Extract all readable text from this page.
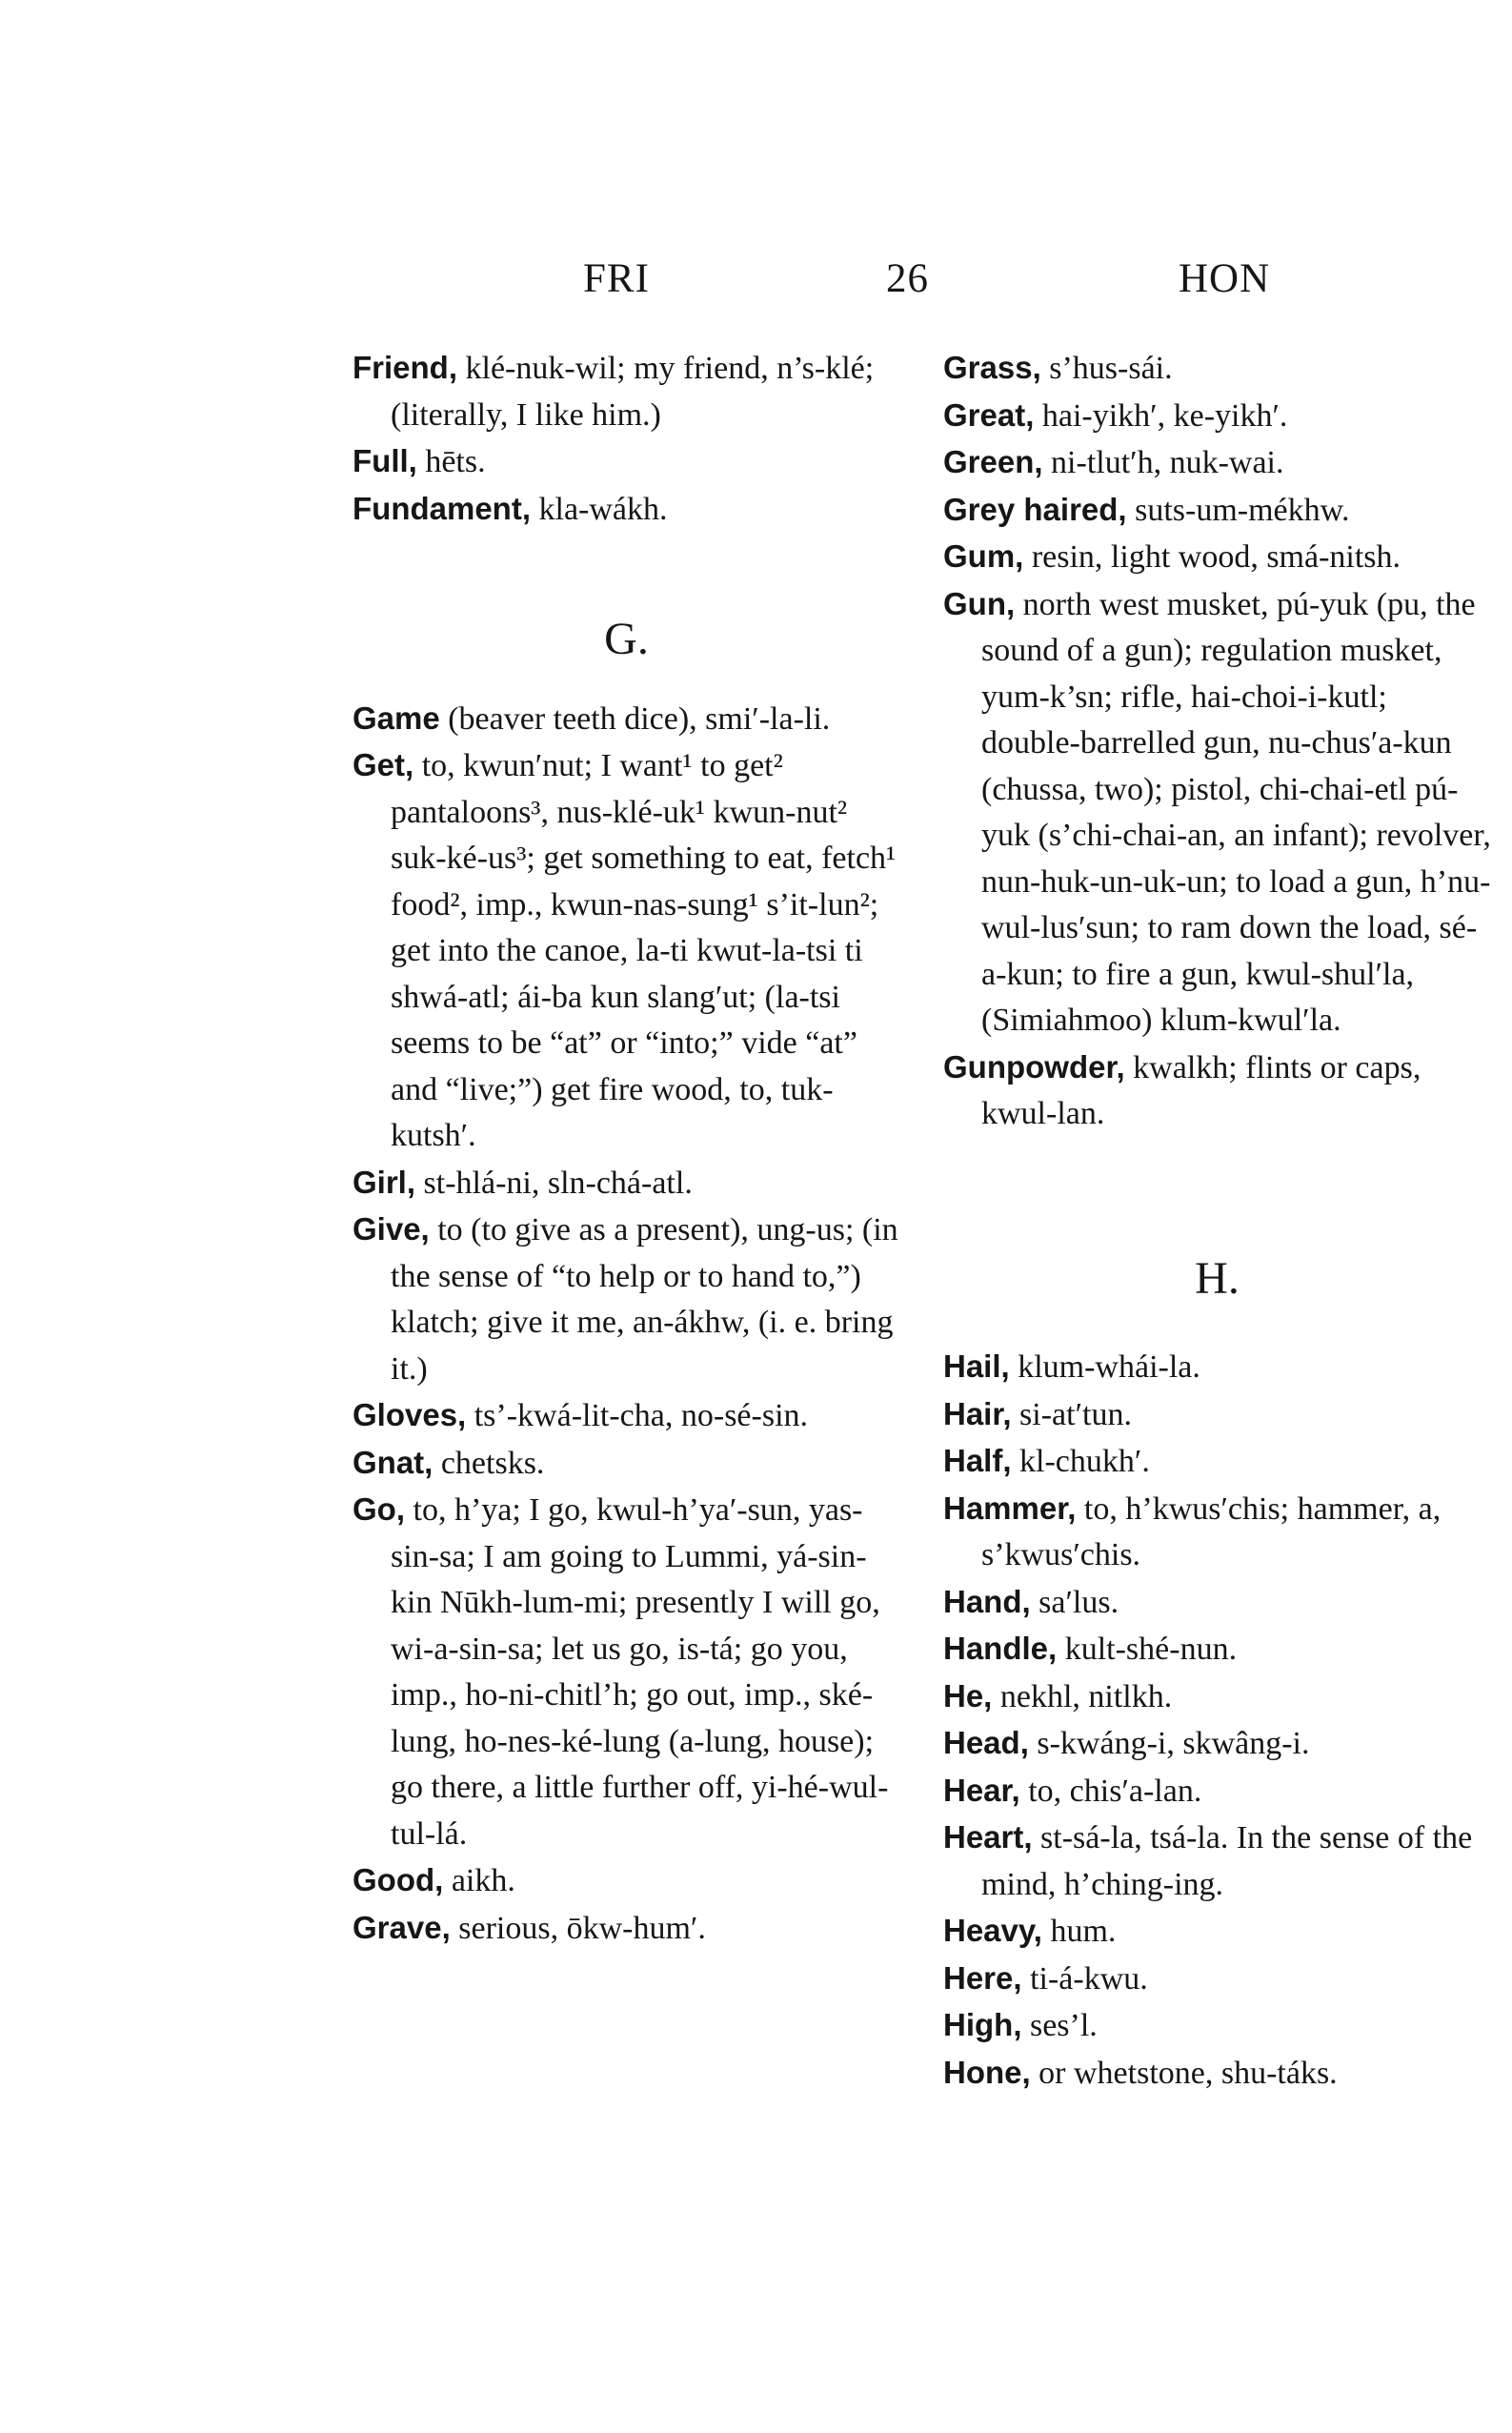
FRI	26	HON
Friend, klé-nuk-wil; my friend, n’s-klé; (literally, I like him.)
Full, hēts.
Fundament, kla-wákh.
G.
Game (beaver teeth dice), smi′-la-li.
Get, to, kwun′nut; I want¹ to get² pantaloons³, nus-klé-uk¹ kwun-nut² suk-ké-us³; get something to eat, fetch¹ food², imp., kwun-nas-sung¹ s’it-lun²; get into the canoe, la-ti kwut-la-tsi ti shwá-atl; ái-ba kun slang′ut; (la-tsi seems to be “at” or “into;” vide “at” and “live;”) get fire wood, to, tuk-kutsh′.
Girl, st-hlá-ni, sln-chá-atl.
Give, to (to give as a present), ung-us; (in the sense of “to help or to hand to,”) klatch; give it me, an-ákhw, (i. e. bring it.)
Gloves, ts’-kwá-lit-cha, no-sé-sin.
Gnat, chetsks.
Go, to, h’ya; I go, kwul-h’ya′-sun, yas-sin-sa; I am going to Lummi, yá-sin-kin Nūkh-lum-mi; presently I will go, wi-a-sin-sa; let us go, is-tá; go you, imp., ho-ni-chitl’h; go out, imp., ské-lung, ho-nes-ké-lung (a-lung, house); go there, a little further off, yi-hé-wul-tul-lá.
Good, aikh.
Grave, serious, ōkw-hum′.
Grass, s’hus-sái.
Great, hai-yikh′, ke-yikh′.
Green, ni-tlut′h, nuk-wai.
Grey haired, suts-um-mékhw.
Gum, resin, light wood, smá-nitsh.
Gun, north west musket, pú-yuk (pu, the sound of a gun); regulation musket, yum-k’sn; rifle, hai-choi-i-kutl; double-barrelled gun, nu-chus′a-kun (chussa, two); pistol, chi-chai-etl pú-yuk (s’chi-chai-an, an infant); revolver, nun-huk-un-uk-un; to load a gun, h’nu-wul-lus′sun; to ram down the load, sé-a-kun; to fire a gun, kwul-shul′la, (Simiahmoo) klum-kwul′la.
Gunpowder, kwalkh; flints or caps, kwul-lan.
H.
Hail, klum-whái-la.
Hair, si-at′tun.
Half, kl-chukh′.
Hammer, to, h’kwus′chis; hammer, a, s’kwus′chis.
Hand, sa′lus.
Handle, kult-shé-nun.
He, nekhl, nitlkh.
Head, s-kwáng-i, skwâng-i.
Hear, to, chis′a-lan.
Heart, st-sá-la, tsá-la. In the sense of the mind, h’ching-ing.
Heavy, hum.
Here, ti-á-kwu.
High, ses’l.
Hone, or whetstone, shu-táks.
